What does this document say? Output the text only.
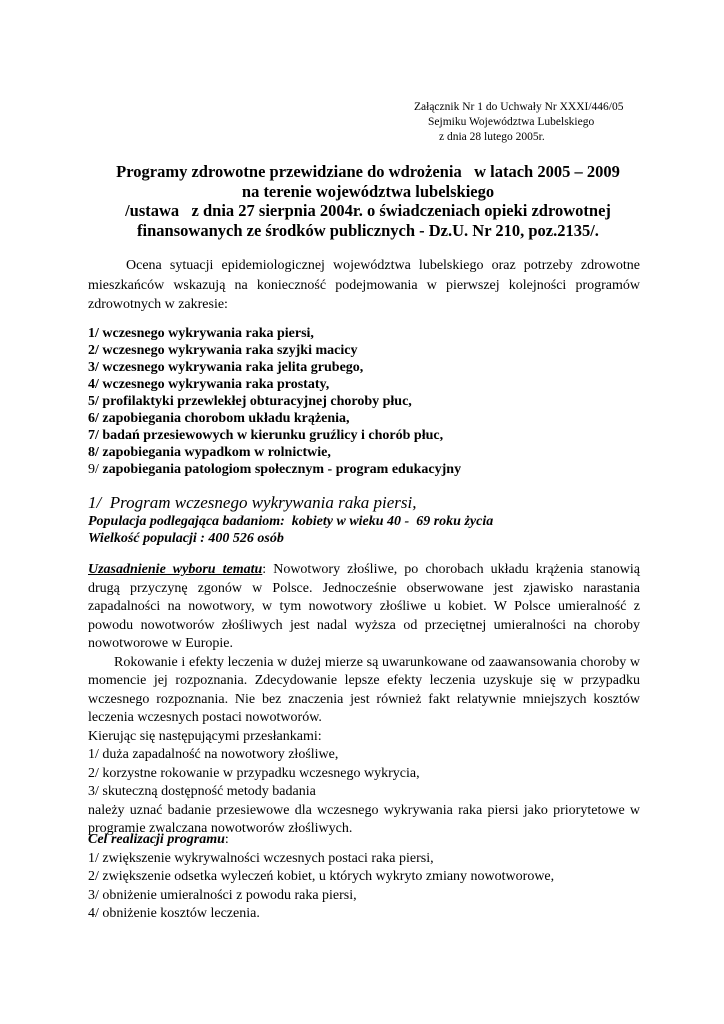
Załącznik Nr 1 do Uchwały Nr XXXI/446/05
Sejmiku Województwa Lubelskiego
z dnia 28 lutego 2005r.
Programy zdrowotne przewidziane do wdrożenia   w latach 2005 – 2009
na terenie województwa lubelskiego
/ustawa   z dnia 27 sierpnia 2004r. o świadczeniach opieki zdrowotnej
finansowanych ze środków publicznych - Dz.U. Nr 210, poz.2135/.
Ocena sytuacji epidemiologicznej województwa lubelskiego oraz potrzeby zdrowotne mieszkańców wskazują na konieczność podejmowania w pierwszej kolejności programów zdrowotnych w zakresie:
1/ wczesnego wykrywania raka piersi,
2/ wczesnego wykrywania raka szyjki macicy
3/ wczesnego wykrywania raka jelita grubego,
4/ wczesnego wykrywania raka prostaty,
5/ profilaktyki przewlekłej obturacyjnej choroby płuc,
6/ zapobiegania chorobom układu krążenia,
7/ badań przesiewowych w kierunku gruźlicy i chorób płuc,
8/ zapobiegania wypadkom w rolnictwie,
9/ zapobiegania patologiom społecznym - program edukacyjny
1/  Program wczesnego wykrywania raka piersi,
Populacja podlegająca badaniom:  kobiety w wieku 40 -  69 roku życia
Wielkość populacji : 400 526 osób

Uzasadnienie wyboru tematu: Nowotwory złośliwe, po chorobach układu krążenia stanowią drugą przyczynę zgonów w Polsce. Jednocześnie obserwowane jest zjawisko narastania zapadalności na nowotwory, w tym nowotwory złośliwe u kobiet. W Polsce umieralność z powodu nowotworów złośliwych jest nadal wyższa od przeciętnej umieralności na choroby nowotworowe w Europie.

Rokowanie i efekty leczenia w dużej mierze są uwarunkowane od zaawansowania choroby w momencie jej rozpoznania. Zdecydowanie lepsze efekty leczenia uzyskuje się w przypadku wczesnego rozpoznania. Nie bez znaczenia jest również fakt relatywnie mniejszych kosztów leczenia wczesnych postaci nowotworów.

Kierując się następującymi przesłankami:

1/ duża zapadalność na nowotwory złośliwe,

2/ korzystne rokowanie w przypadku wczesnego wykrycia,

3/ skuteczną dostępność metody badania

należy uznać badanie przesiewowe dla wczesnego wykrywania raka piersi jako priorytetowe w programie zwalczana nowotworów złośliwych.

Cel realizacji programu:
1/ zwiększenie wykrywalności wczesnych postaci raka piersi,
2/ zwiększenie odsetka wyleczeń kobiet, u których wykryto zmiany nowotworowe,
3/ obniżenie umieralności z powodu raka piersi,
4/ obniżenie kosztów leczenia.
